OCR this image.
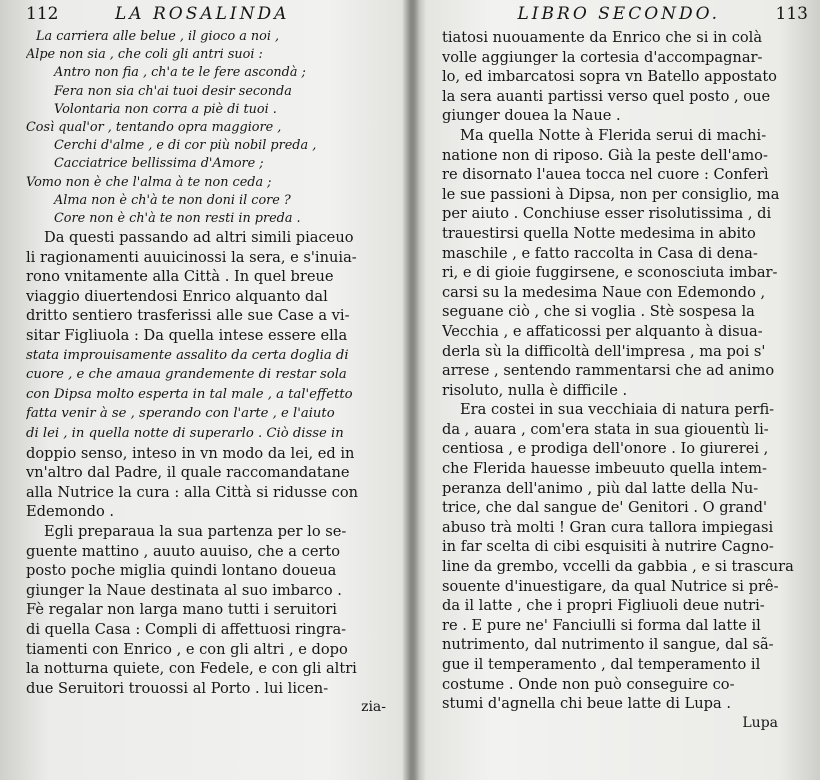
112	LA ROSALINDA
La carriera alle belue , il gioco a noi ,
Alpe non sia , che coli gli antri suoi :
Antro non fia , ch'a te le fere ascondà ;
Fera non sia ch'ai tuoi desir seconda
Volontaria non corra a piè di tuoi .
Così qual'or , tentando opra maggiore ,
Cerchi d'alme , e di cor più nobil preda ,
Cacciatrice bellissima d'Amore ;
Vomo non è che l'alma à te non ceda ;
Alma non è ch'à te non doni il core ?
Core non è ch'à te non resti in preda .
Da questi passando ad altri simili piaceuo
li ragionamenti auuicinossi la sera, e s'inuia-
rono vnitamente alla Città . In quel breue
viaggio diuertendosi Enrico alquanto dal
dritto sentiero trasferissi alle sue Case a vi-
sitar Figliuola : Da quella intese essere ella
stata improuisamente assalito da certa doglia di
cuore , e che amaua grandemente di restar sola
con Dipsa molto esperta in tal male , a tal'effetto
fatta venir à se , sperando con l'arte , e l'aiuto
di lei , in quella notte di superarlo . Ciò disse in
doppio senso, inteso in vn modo da lei, ed in
vn'altro dal Padre, il quale raccomandatane
alla Nutrice la cura : alla Città si ridusse con
Edemondo .
Egli preparaua la sua partenza per lo se-
guente mattino , auuto auuiso, che a certo
posto poche miglia quindi lontano doueua
giunger la Naue destinata al suo imbarco .
Fè regalar non larga mano tutti i seruitori
di quella Casa : Compli di affettuosi ringra-
tiamenti con Enrico , e con gli altri , e dopo
la notturna quiete, con Fedele, e con gli altri
due Seruitori trouossi al Porto . lui licen-
zia-
LIBRO SECONDO.	113
tiatosi nuouamente da Enrico che si in colà
volle aggiunger la cortesia d'accompagnar-
lo, ed imbarcatosi sopra vn Batello appostato
la sera auanti partissi verso quel posto , oue
giunger douea la Naue .
Ma quella Notte à Flerida serui di machi-
natione non di riposo. Già la peste dell'amo-
re disornato l'auea tocca nel cuore : Conferì
le sue passioni à Dipsa, non per consiglio, ma
per aiuto . Conchiuse esser risolutissima , di
trauestirsi quella Notte medesima in abito
maschile , e fatto raccolta in Casa di dena-
ri, e di gioie fuggirsene, e sconosciuta imbar-
carsi su la medesima Naue con Edemondo ,
seguane ciò , che si voglia . Stè sospesa la
Vecchia , e affaticossi per alquanto à disua-
derla sù la difficoltà dell'impresa , ma poi s'
arrese , sentendo rammentarsi che ad animo
risoluto, nulla è difficile .
Era costei in sua vecchiaia di natura perfi-
da , auara , com'era stata in sua giouentù li-
centiosa , e prodiga dell'onore . Io giurerei ,
che Flerida hauesse imbeuuto quella intem-
peranza dell'animo , più dal latte della Nu-
trice, che dal sangue de' Genitori . O grand'
abuso trà molti ! Gran cura tallora impiegasi
in far scelta di cibi esquisiti à nutrire Cagno-
line da grembo, vccelli da gabbia , e si trascura
souente d'inuestigare, da qual Nutrice si prê-
da il latte , che i propri Figliuoli deue nutri-
re . E pure ne' Fanciulli si forma dal latte il
nutrimento, dal nutrimento il sangue, dal sã-
gue il temperamento , dal temperamento il
costume . Onde non può conseguire co-
stumi d'agnella chi beue latte di Lupa .
Lupa
